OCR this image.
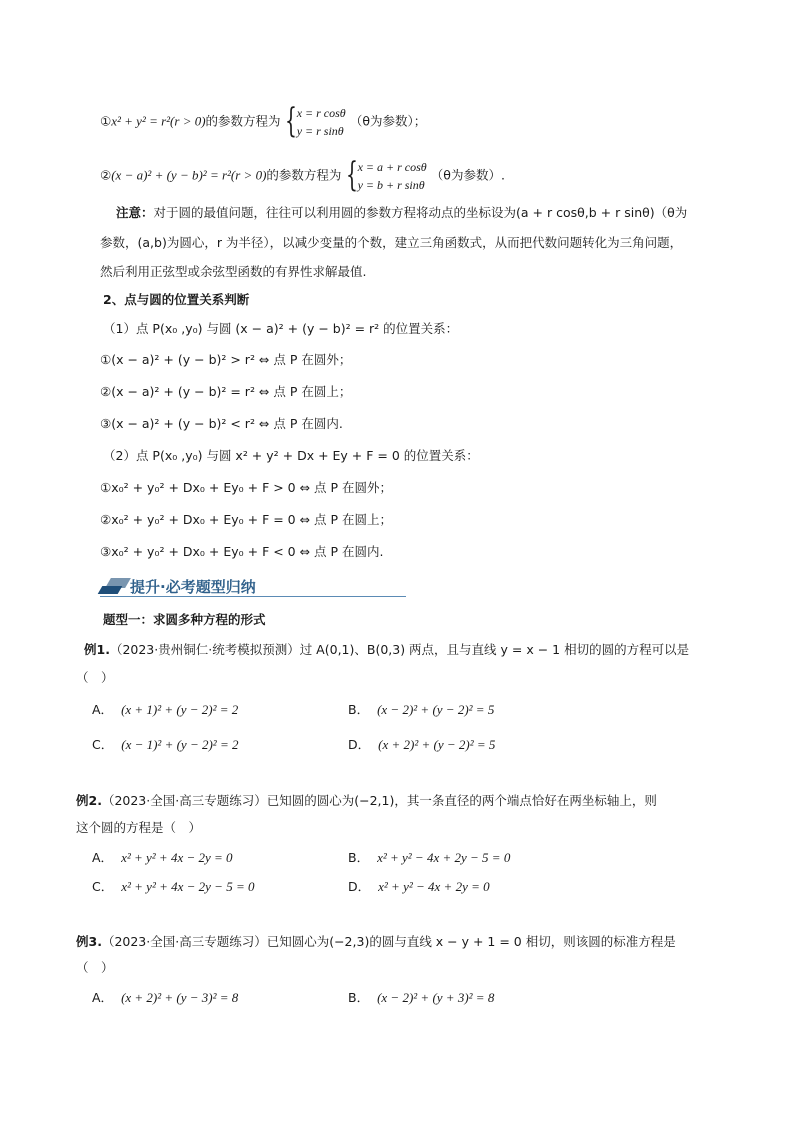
①x² + y² = r²(r > 0)的参数方程为 { x = r cosθ
y = r sinθ
（θ为参数）；
②(x − a)² + (y − b)² = r²(r > 0)的参数方程为 { x = a + r cosθ
y = b + r sinθ
（θ为参数）.
注意：对于圆的最值问题，往往可以利用圆的参数方程将动点的坐标设为(a + r cosθ,b + r sinθ)（θ为
参数，(a,b)为圆心，r 为半径），以减少变量的个数，建立三角函数式，从而把代数问题转化为三角问题，
然后利用正弦型或余弦型函数的有界性求解最值.
2、点与圆的位置关系判断
（1）点 P(x₀ ,y₀) 与圆 (x − a)² + (y − b)² = r² 的位置关系：
①(x − a)² + (y − b)² > r² ⇔ 点 P 在圆外；
②(x − a)² + (y − b)² = r² ⇔ 点 P 在圆上；
③(x − a)² + (y − b)² < r² ⇔ 点 P 在圆内.
（2）点 P(x₀ ,y₀) 与圆 x² + y² + Dx + Ey + F = 0 的位置关系：
①x₀² + y₀² + Dx₀ + Ey₀ + F > 0 ⇔ 点 P 在圆外；
②x₀² + y₀² + Dx₀ + Ey₀ + F = 0 ⇔ 点 P 在圆上；
③x₀² + y₀² + Dx₀ + Ey₀ + F < 0 ⇔ 点 P 在圆内.
提升·必考题型归纳
题型一：求圆多种方程的形式
例1.（2023·贵州铜仁·统考模拟预测）过 A(0,1)、B(0,3) 两点，且与直线 y = x − 1 相切的圆的方程可以是
（　）
A． (x + 1)² + (y − 2)² = 2	B． (x − 2)² + (y − 2)² = 5
C． (x − 1)² + (y − 2)² = 2	D． (x + 2)² + (y − 2)² = 5
例2.（2023·全国·高三专题练习）已知圆的圆心为(−2,1)，其一条直径的两个端点恰好在两坐标轴上，则
这个圆的方程是（　）
A． x² + y² + 4x − 2y = 0	B． x² + y² − 4x + 2y − 5 = 0
C． x² + y² + 4x − 2y − 5 = 0	D． x² + y² − 4x + 2y = 0
例3.（2023·全国·高三专题练习）已知圆心为(−2,3)的圆与直线 x − y + 1 = 0 相切，则该圆的标准方程是
（　）
A． (x + 2)² + (y − 3)² = 8	B． (x − 2)² + (y + 3)² = 8
